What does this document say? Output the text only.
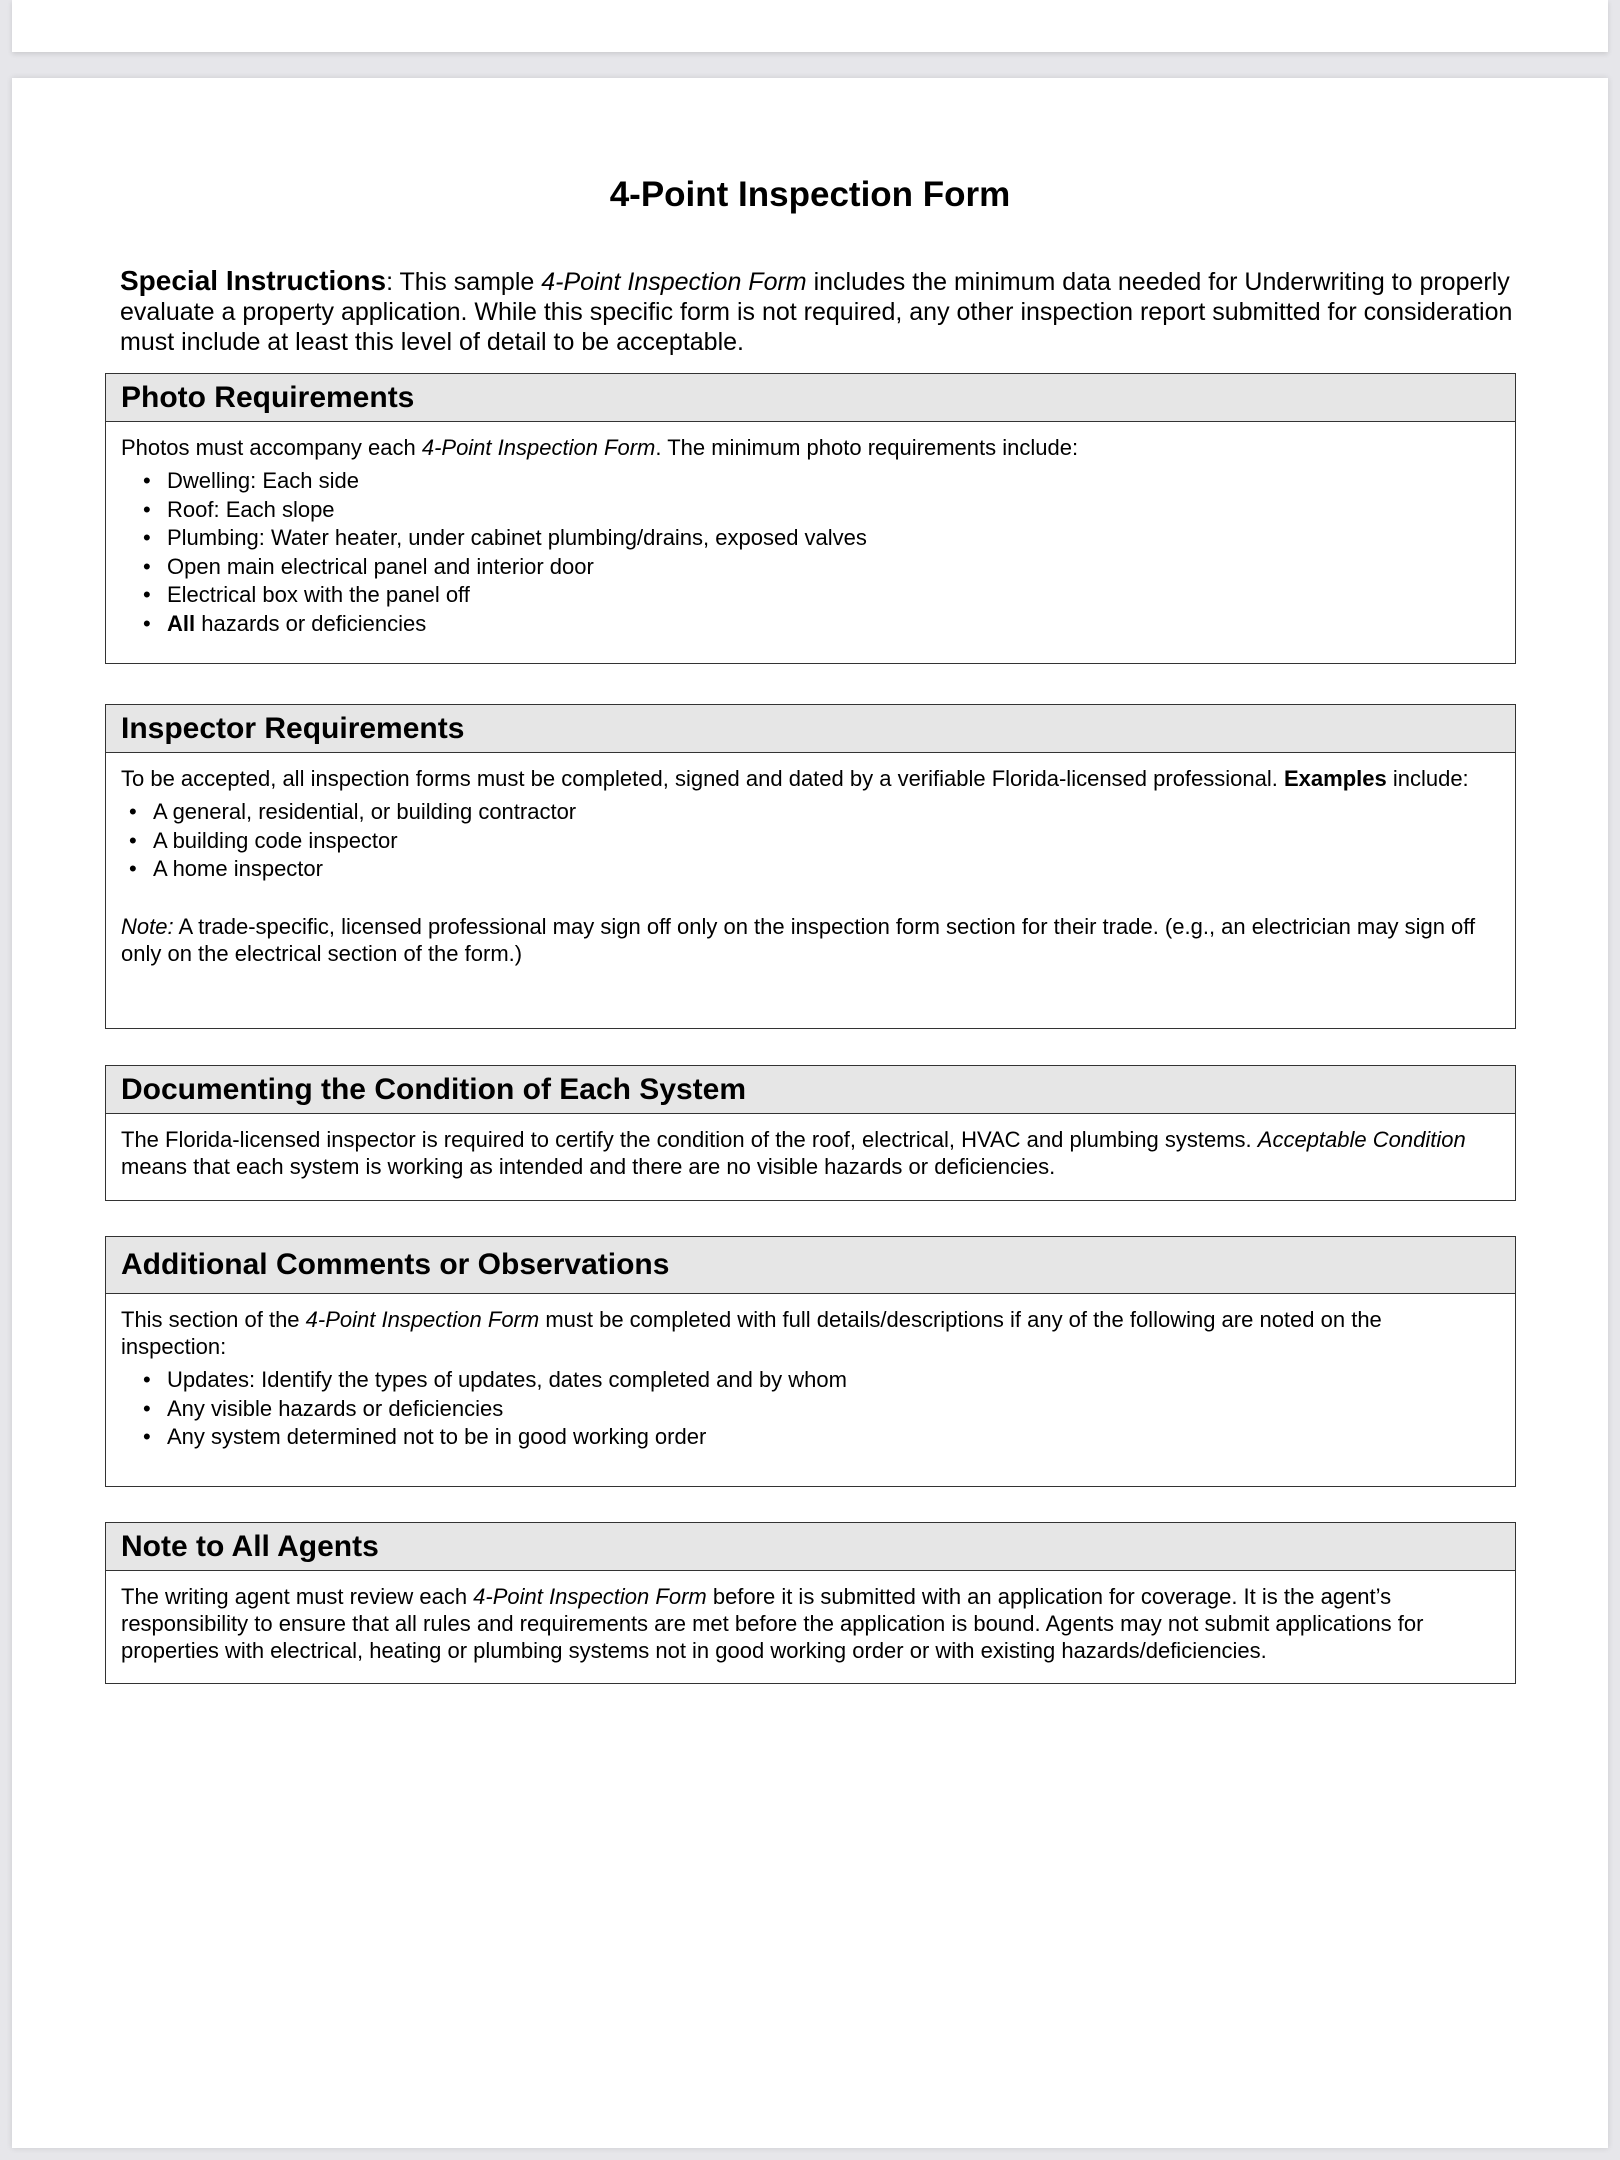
4-Point Inspection Form

Special Instructions: This sample 4-Point Inspection Form includes the minimum data needed for Underwriting to properly evaluate a property application. While this specific form is not required, any other inspection report submitted for consideration must include at least this level of detail to be acceptable.

Photo Requirements

Photos must accompany each 4-Point Inspection Form. The minimum photo requirements include:

• Dwelling: Each side
• Roof: Each slope
• Plumbing: Water heater, under cabinet plumbing/drains, exposed valves
• Open main electrical panel and interior door
• Electrical box with the panel off
• All hazards or deficiencies
Inspector Requirements

To be accepted, all inspection forms must be completed, signed and dated by a verifiable Florida-licensed professional. Examples include:

• A general, residential, or building contractor
• A building code inspector
• A home inspector

Note: A trade-specific, licensed professional may sign off only on the inspection form section for their trade. (e.g., an electrician may sign off only on the electrical section of the form.)

Documenting the Condition of Each System

The Florida-licensed inspector is required to certify the condition of the roof, electrical, HVAC and plumbing systems. Acceptable Condition means that each system is working as intended and there are no visible hazards or deficiencies.

Additional Comments or Observations

This section of the 4-Point Inspection Form must be completed with full details/descriptions if any of the following are noted on the inspection:

• Updates: Identify the types of updates, dates completed and by whom
• Any visible hazards or deficiencies
• Any system determined not to be in good working order
Note to All Agents

The writing agent must review each 4-Point Inspection Form before it is submitted with an application for coverage. It is the agent’s responsibility to ensure that all rules and requirements are met before the application is bound. Agents may not submit applications for properties with electrical, heating or plumbing systems not in good working order or with existing hazards/deficiencies.
